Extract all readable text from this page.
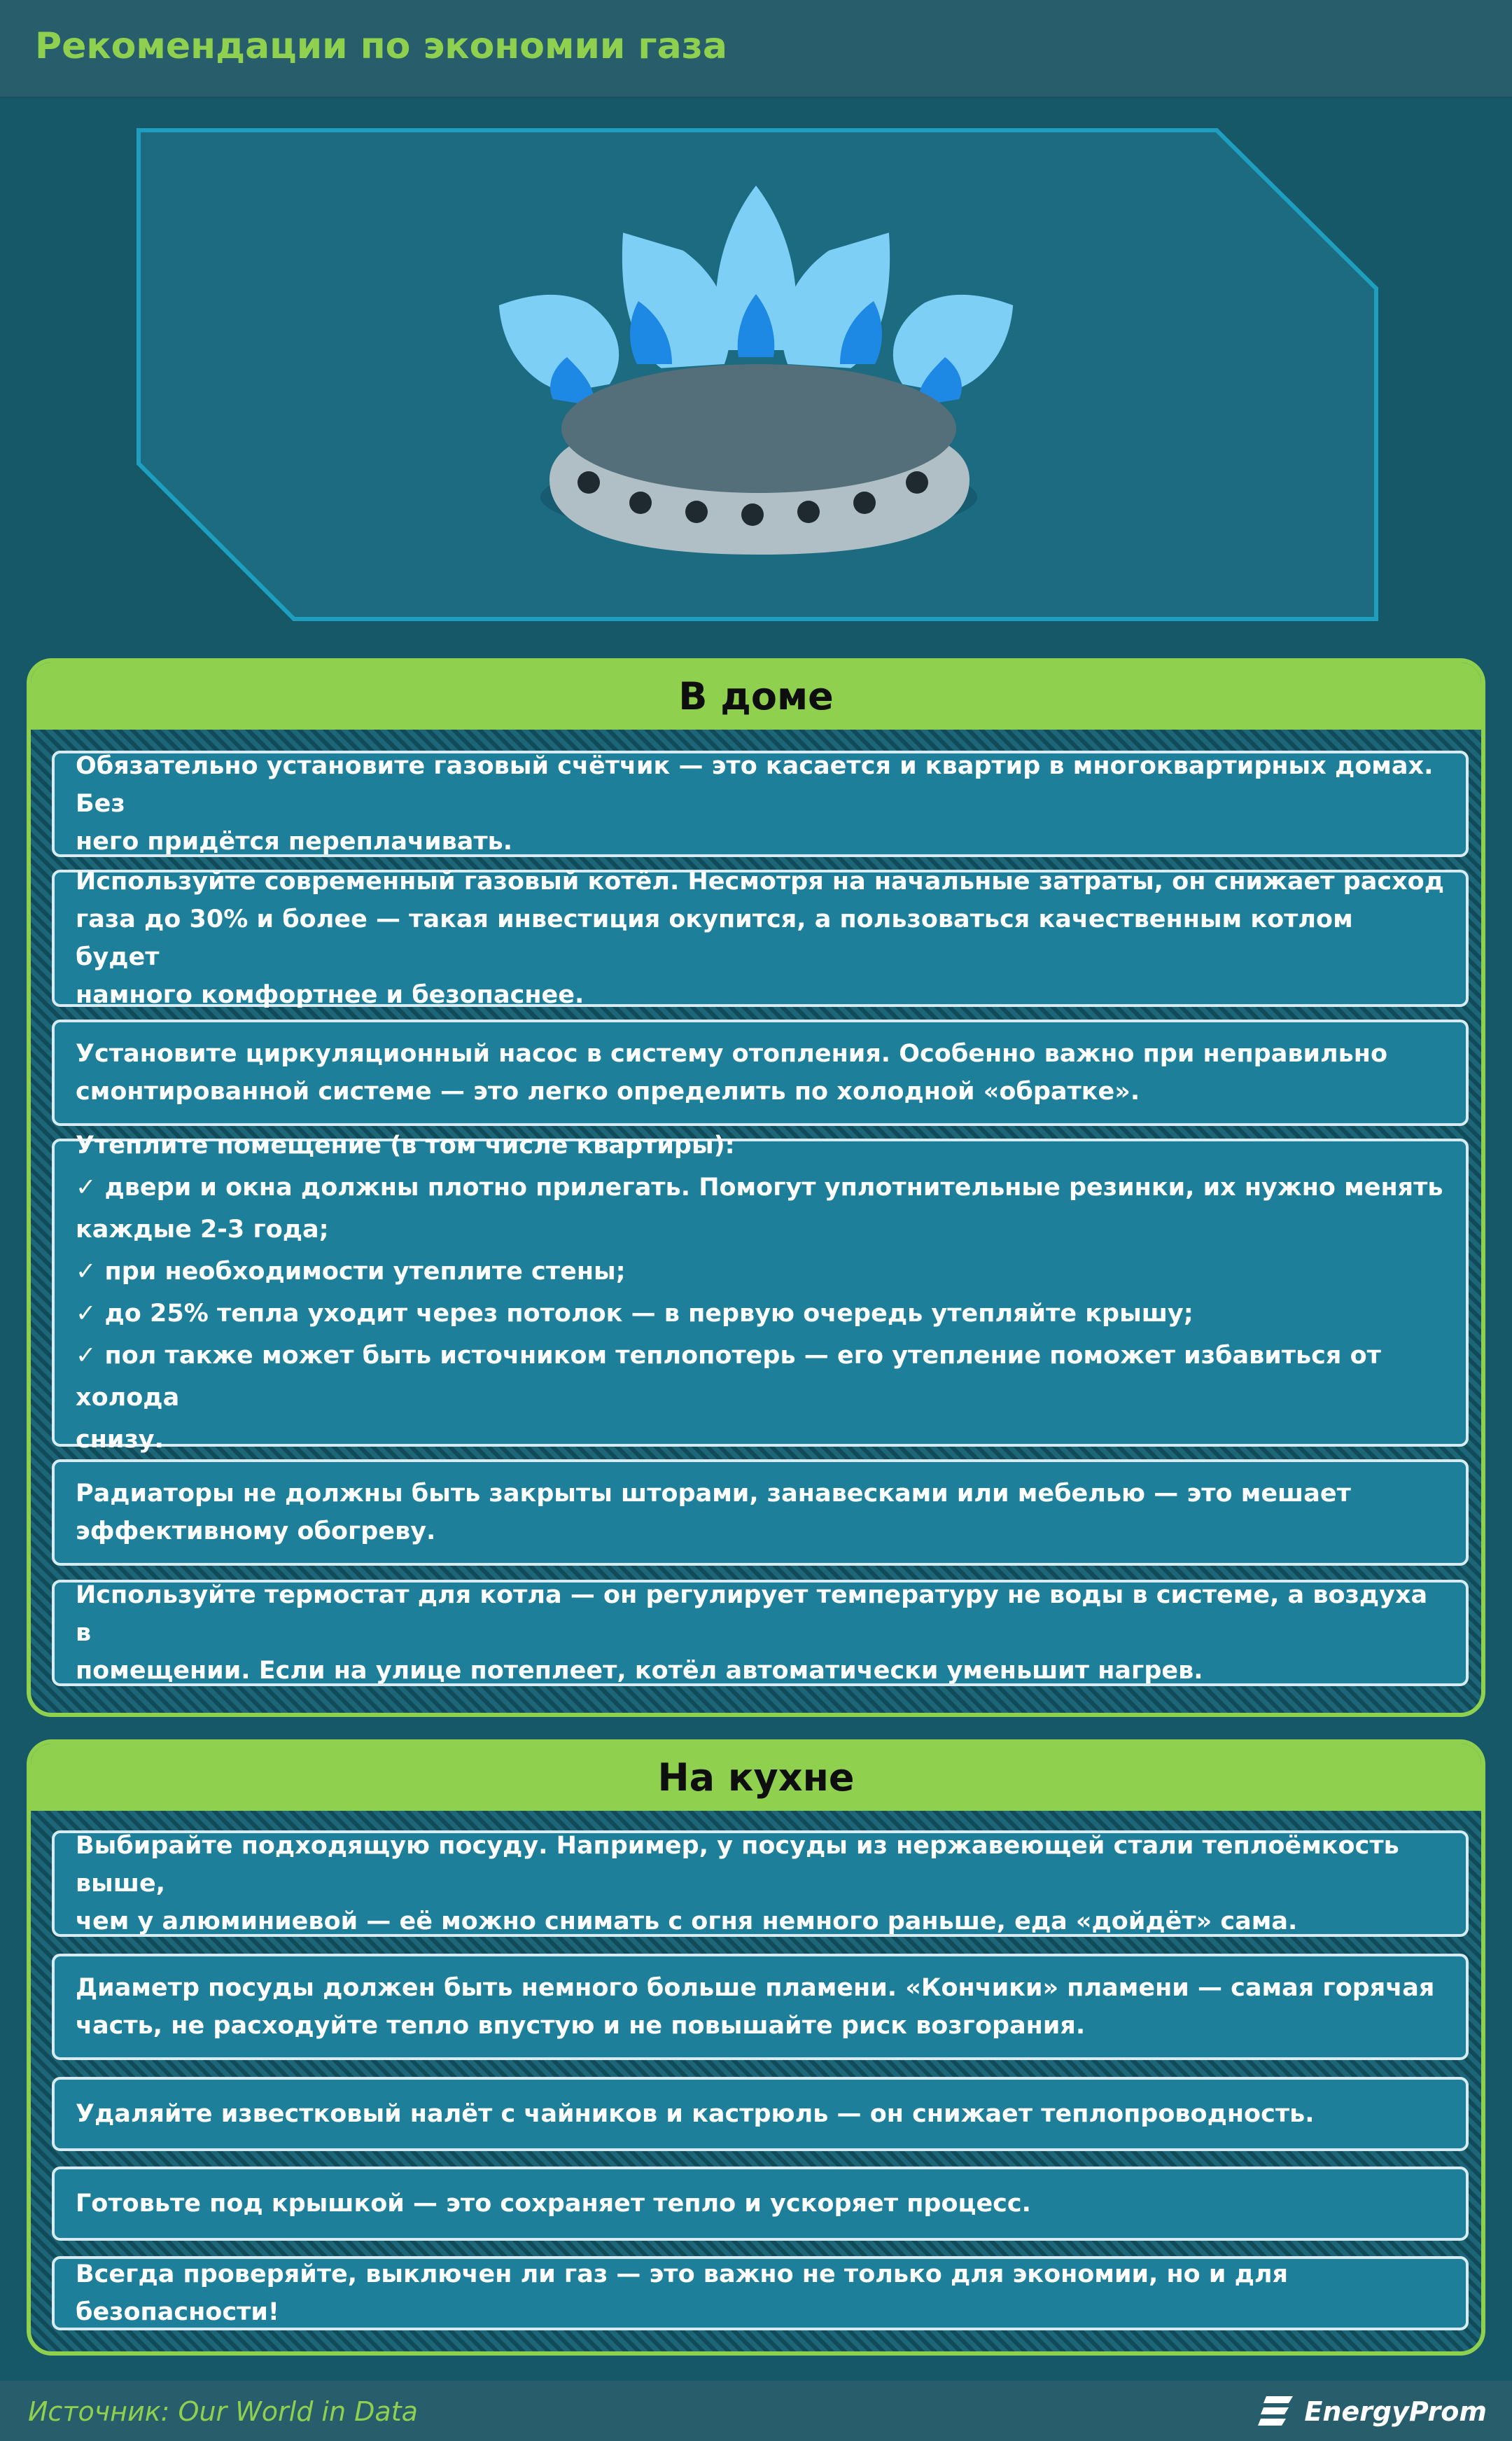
Рекомендации по экономии газа
В доме
Обязательно установите газовый счётчик — это касается и квартир в многоквартирных домах. Без
него придётся переплачивать.
Используйте современный газовый котёл. Несмотря на начальные затраты, он снижает расход
газа до 30% и более — такая инвестиция окупится, а пользоваться качественным котлом будет
намного комфортнее и безопаснее.
Установите циркуляционный насос в систему отопления. Особенно важно при неправильно
смонтированной системе — это легко определить по холодной «обратке».
Утеплите помещение (в том числе квартиры):
✓ двери и окна должны плотно прилегать. Помогут уплотнительные резинки, их нужно менять
каждые 2-3 года;
✓ при необходимости утеплите стены;
✓ до 25% тепла уходит через потолок — в первую очередь утепляйте крышу;
✓ пол также может быть источником теплопотерь — его утепление поможет избавиться от холода
снизу.
Радиаторы не должны быть закрыты шторами, занавесками или мебелью — это мешает
эффективному обогреву.
Используйте термостат для котла — он регулирует температуру не воды в системе, а воздуха в
помещении. Если на улице потеплеет, котёл автоматически уменьшит нагрев.
На кухне
Выбирайте подходящую посуду. Например, у посуды из нержавеющей стали теплоёмкость выше,
чем у алюминиевой — её можно снимать с огня немного раньше, еда «дойдёт» сама.
Диаметр посуды должен быть немного больше пламени. «Кончики» пламени — самая горячая
часть, не расходуйте тепло впустую и не повышайте риск возгорания.
Удаляйте известковый налёт с чайников и кастрюль — он снижает теплопроводность.
Готовьте под крышкой — это сохраняет тепло и ускоряет процесс.
Всегда проверяйте, выключен ли газ — это важно не только для экономии, но и для безопасности!
Источник: Our World in Data	EnergyProm
